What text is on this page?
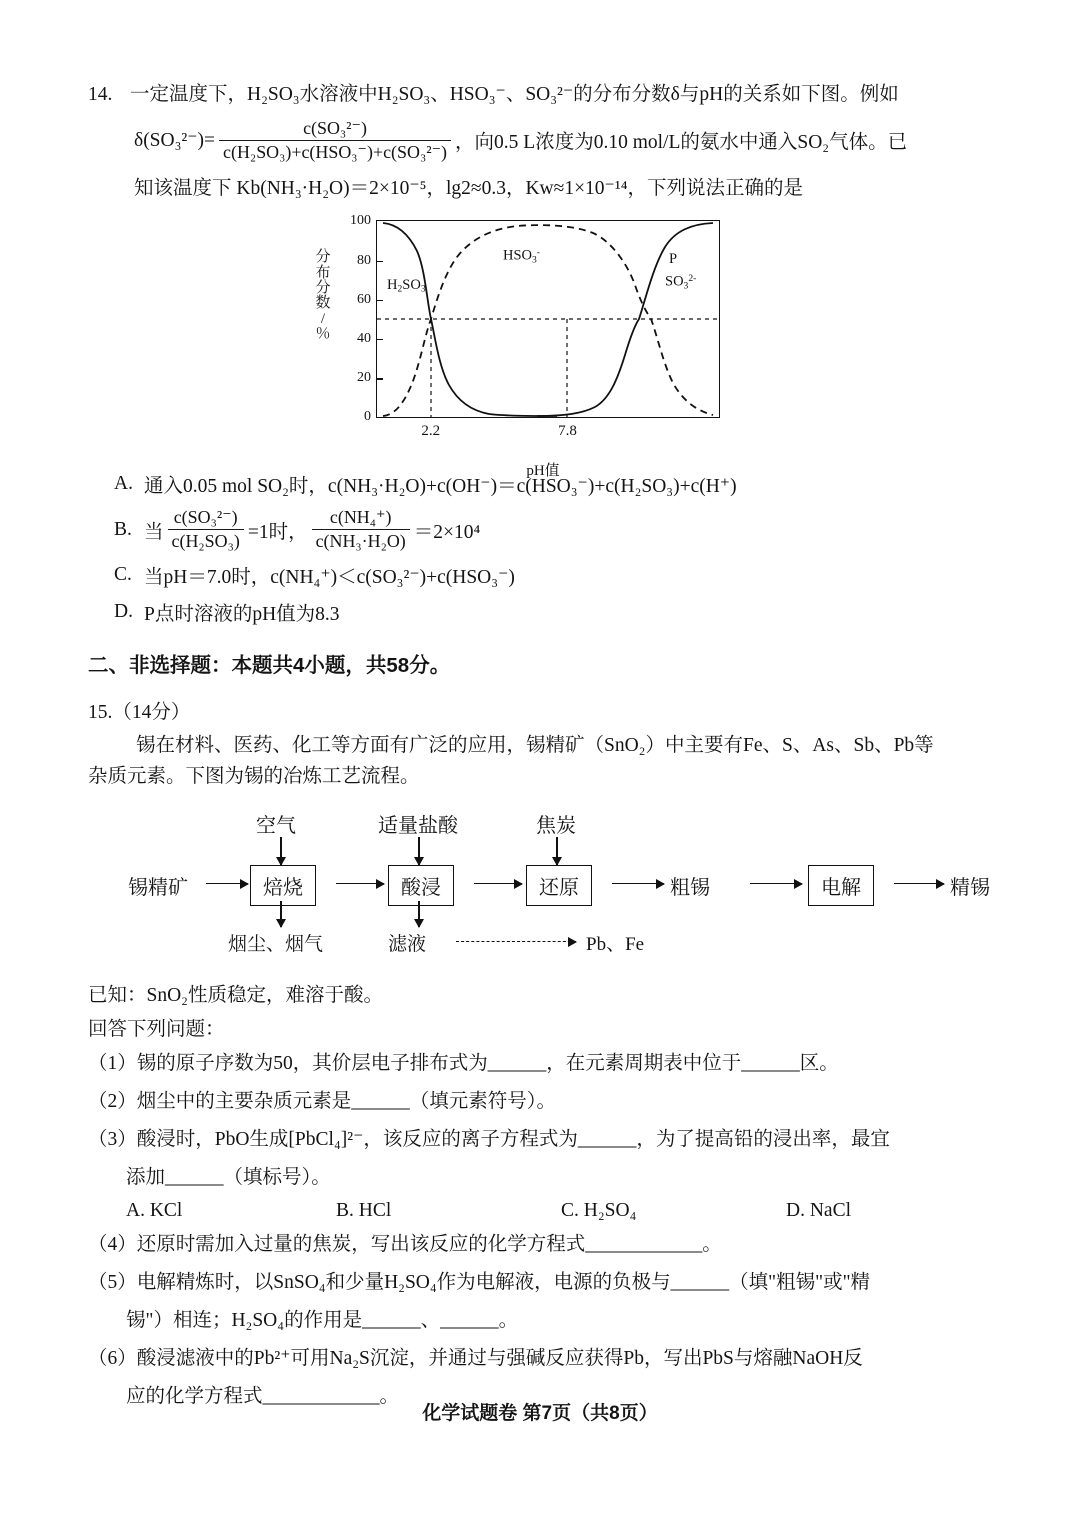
14. 一定温度下，H₂SO₃水溶液中H₂SO₃、HSO₃⁻、SO₃²⁻的分布分数δ与pH的关系如下图。例如
$\delta(SO_3^{2-})= \frac{\text{c(SO₃²⁻)}}{\text{c(H₂SO₃)+c(HSO₃⁻)+c(SO₃²⁻)}}$ ，向0.5 L浓度为0.10 mol/L的氨水中通入SO₂气体。已
知该温度下 Kb(NH₃·H₂O)＝2×10⁻⁵，lg2≈0.3，Kw≈1×10⁻¹⁴，下列说法正确的是
分
布
分
数
/
％
pH值
100
80
60
40
20
0
2.2	7.8
$H_2SO_3$
$HSO_3^-$
$SO_3^{2-}$
P
A. 通入0.05 mol SO₂时，c(NH₃·H₂O)+c(OH⁻)＝c(HSO₃⁻)+c(H₂SO₃)+c(H⁺)
B. 当 $\frac{\text{c(SO₃²⁻)}}{\text{c(H₂SO₃)}} =1$时， $\frac{\text{c(NH₄⁺)}}{\text{c(NH₃·H₂O)}} =2\times 10^4$
C. 当pH＝7.0时，c(NH₄⁺)＜c(SO₃²⁻)+c(HSO₃⁻)
D. P点时溶液的pH值为8.3
二、非选择题：本题共4小题，共58分。
15.（14分）
锡在材料、医药、化工等方面有广泛的应用，锡精矿（SnO₂）中主要有Fe、S、As、Sb、Pb等
杂质元素。下图为锡的冶炼工艺流程。
空气	适量盐酸	焦炭
锡精矿	焙烧	酸浸	还原	粗锡	电解	精锡
烟尘、烟气	滤液	Pb、Fe
已知：SnO₂性质稳定，难溶于酸。
回答下列问题：
（1）锡的原子序数为50，其价层电子排布式为______，在元素周期表中位于______区。
（2）烟尘中的主要杂质元素是______（填元素符号）。
（3）酸浸时，PbO生成[PbCl₄]²⁻，该反应的离子方程式为______，为了提高铅的浸出率，最宜
添加______（填标号）。
A. KCl	B. HCl	C. H₂SO₄	D. NaCl
（4）还原时需加入过量的焦炭，写出该反应的化学方程式____________。
（5）电解精炼时，以SnSO₄和少量H₂SO₄作为电解液，电源的负极与______（填"粗锡"或"精
锡"）相连；H₂SO₄的作用是______、______。
（6）酸浸滤液中的Pb²⁺可用Na₂S沉淀，并通过与强碱反应获得Pb，写出PbS与熔融NaOH反
应的化学方程式____________。
化学试题卷 第7页（共8页）
